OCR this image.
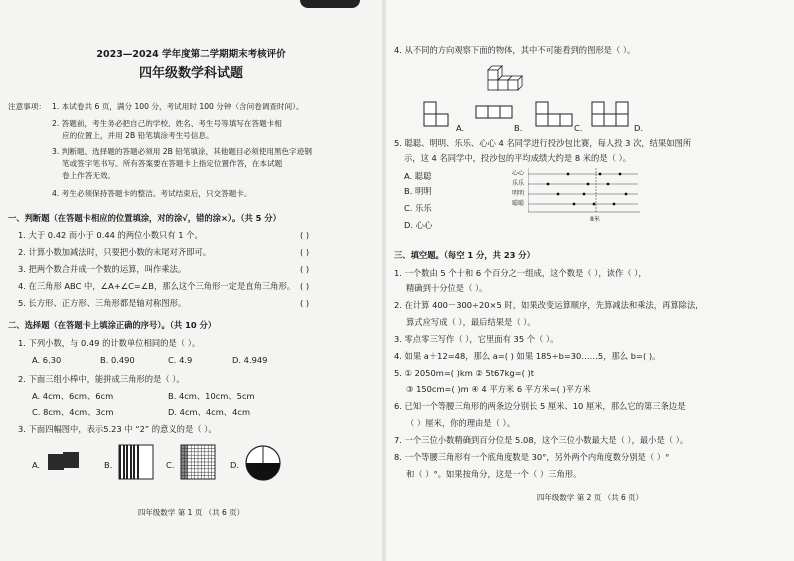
2023—2024 学年度第二学期期末考核评价
四年级数学科试题
注意事项： 1. 本试卷共 6 页，满分 100 分，考试用时 100 分钟（含问卷调查时间）。
2. 答题前，考生务必把自己的学校、姓名、考生号等填写在答题卡相
应的位置上，并用 2B 铅笔填涂考生号信息。
3. 判断题、选择题的答题必须用 2B 铅笔填涂，其他题目必须使用黑色字迹钢
笔或签字笔书写。所有答案要在答题卡上指定位置作答，在本试题
卷上作答无效。
4. 考生必须保持答题卡的整洁。考试结束后，只交答题卡。
一、判断题（在答题卡相应的位置填涂，对的涂√，错的涂×）。（共 5 分）
1. 大于 0.42 而小于 0.44 的两位小数只有 1 个。	( )
2. 计算小数加减法时，只要把小数的末尾对齐即可。	( )
3. 把两个数合并成一个数的运算，叫作乘法。	( )
4. 在三角形 ABC 中，∠A+∠C=∠B，那么这个三角形一定是直角三角形。 ( )
5. 长方形、正方形、三角形都是轴对称图形。	( )
二、选择题（在答题卡上填涂正确的序号）。（共 10 分）
1. 下列小数，与 0.49 的计数单位相同的是（ ）。
A. 6.30	B. 0.490	C. 4.9	D. 4.949
2. 下面三组小棒中，能拼成三角形的是（ ）。
A. 4cm、6cm、6cm	B. 4cm、10cm、5cm
C. 8cm、4cm、3cm	D. 4cm、4cm、4cm
3. 下面四幅图中，表示5.23 中 “2” 的意义的是（ ）。
A.	B.	C.	D.
四年级数学 第 1 页 （共 6 页）
4. 从不同的方向观察下面的物体，其中不可能看到的图形是（ ）。
A.	B.	C.	D.
5. 聪聪、明明、乐乐、心心 4 名同学进行投沙包比赛，每人投 3 次，结果如图所
示，这 4 名同学中，投沙包的平均成绩大约是 8 米的是（ ）。
A. 聪聪
B. 明明
C. 乐乐
D. 心心
心心
乐乐
明明
聪聪
8米
三、填空题。（每空 1 分，共 23 分）
1. 一个数由 5 个十和 6 个百分之一组成，这个数是（ ），读作（ ），
精确到十分位是（ ）。
2. 在计算 400－300÷20×5 时，如果改变运算顺序，先算减法和乘法，再算除法，
算式应写成（ ），最后结果是（ ）。
3. 零点零三写作（ ），它里面有 35 个（ ）。
4. 如果 a＋12=48，那么 a=( ) 如果 185÷b=30……5，那么 b=( )。
5. ① 2050m=( )km ② 5t67kg=( )t
③ 150cm=( )m ④ 4 平方米 6 平方米=( )平方米
6. 已知一个等腰三角形的两条边分别长 5 厘米、10 厘米，那么它的第三条边是
（ ）厘米，你的理由是（ ）。
7. 一个三位小数精确到百分位是 5.08，这个三位小数最大是（ ），最小是（ ）。
8. 一个等腰三角形有一个底角度数是 30°，另外两个内角度数分别是（ ）°
和（ ）°。如果按角分，这是一个（ ）三角形。
四年级数学 第 2 页 （共 6 页）
